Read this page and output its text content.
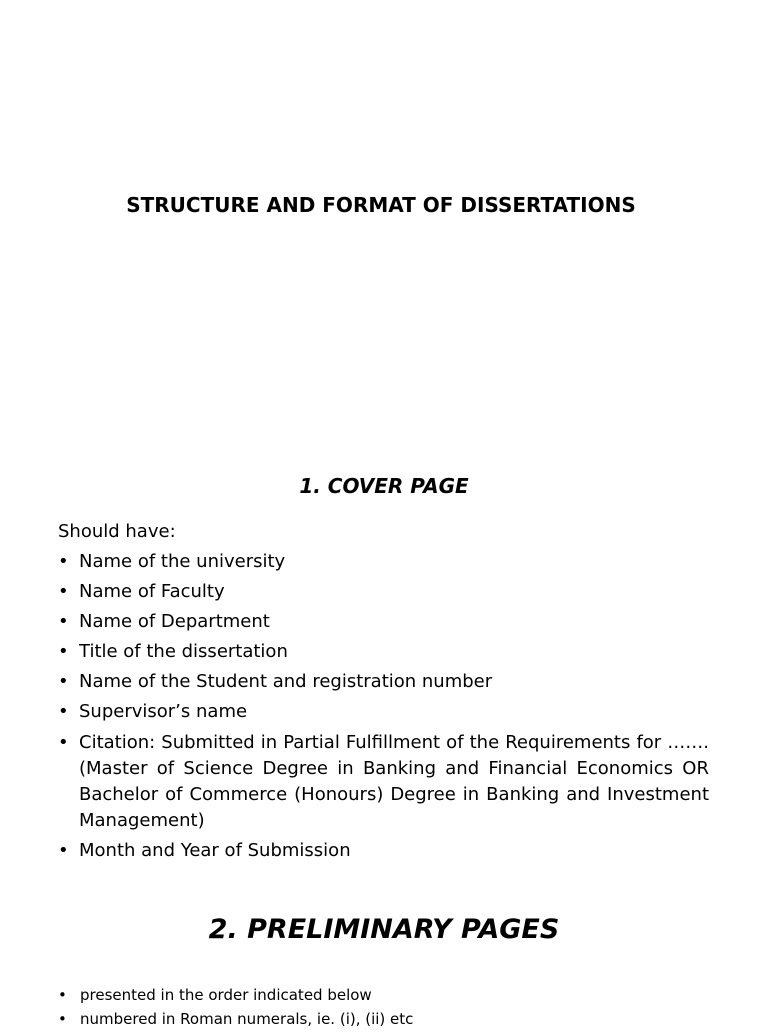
STRUCTURE AND FORMAT OF DISSERTATIONS
1. COVER PAGE
Should have:
• Name of the university
• Name of Faculty
• Name of Department
• Title of the dissertation
• Name of the Student and registration number
• Supervisor’s name
• Citation: Submitted in Partial Fulfillment of the Requirements for ……. (Master of Science Degree in Banking and Financial Economics OR Bachelor of Commerce (Honours) Degree in Banking and Investment Management)
• Month and Year of Submission
2. PRELIMINARY PAGES
• presented in the order indicated below
• numbered in Roman numerals, ie. (i), (ii) etc
